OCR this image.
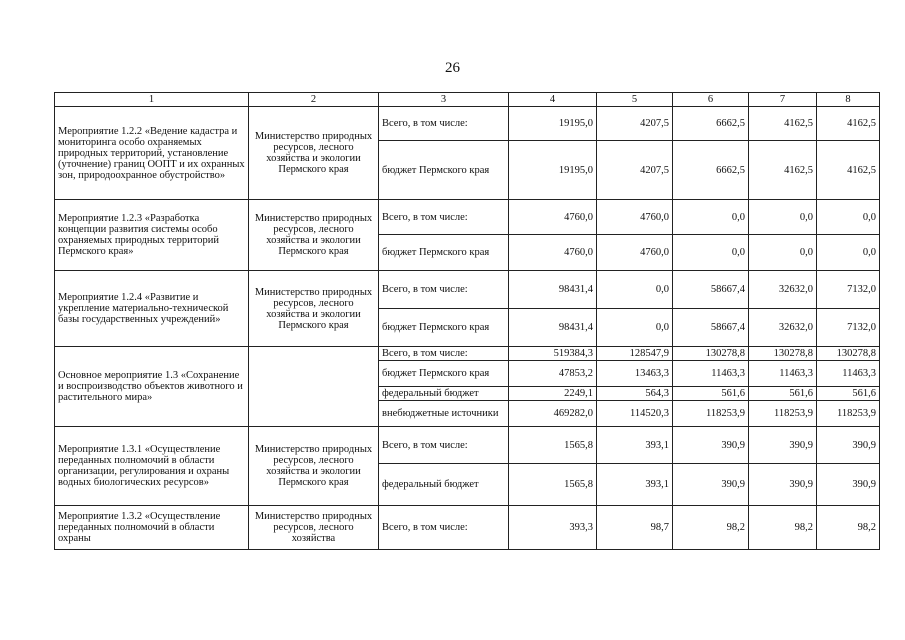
26
1	2	3	4	5	6	7	8
Мероприятие 1.2.2 «Ведение кадастра и мониторинга особо охраняемых природных территорий, установление (уточнение) границ ООПТ и их охранных зон, природоохранное обустройство»	Министерство природных ресурсов, лесного хозяйства и экологии Пермского края	Всего, в том числе:	19195,0	4207,5	6662,5	4162,5	4162,5
		бюджет Пермского края	19195,0	4207,5	6662,5	4162,5	4162,5
Мероприятие 1.2.3 «Разработка концепции развития системы особо охраняемых природных территорий Пермского края»	Министерство природных ресурсов, лесного хозяйства и экологии Пермского края	Всего, в том числе:	4760,0	4760,0	0,0	0,0	0,0
		бюджет Пермского края	4760,0	4760,0	0,0	0,0	0,0
Мероприятие 1.2.4 «Развитие и укрепление материально-технической базы государственных учреждений»	Министерство природных ресурсов, лесного хозяйства и экологии Пермского края	Всего, в том числе:	98431,4	0,0	58667,4	32632,0	7132,0
		бюджет Пермского края	98431,4	0,0	58667,4	32632,0	7132,0
Основное мероприятие 1.3 «Сохранение и воспроизводство объектов животного и растительного мира»		Всего, в том числе:	519384,3	128547,9	130278,8	130278,8	130278,8
		бюджет Пермского края	47853,2	13463,3	11463,3	11463,3	11463,3
		федеральный бюджет	2249,1	564,3	561,6	561,6	561,6
		внебюджетные источники	469282,0	114520,3	118253,9	118253,9	118253,9
Мероприятие 1.3.1 «Осуществление переданных полномочий в области организации, регулирования и охраны водных биологических ресурсов»	Министерство природных ресурсов, лесного хозяйства и экологии Пермского края	Всего, в том числе:	1565,8	393,1	390,9	390,9	390,9
		федеральный бюджет	1565,8	393,1	390,9	390,9	390,9
Мероприятие 1.3.2 «Осуществление переданных полномочий в области охраны	Министерство природных ресурсов, лесного хозяйства	Всего, в том числе:	393,3	98,7	98,2	98,2	98,2
